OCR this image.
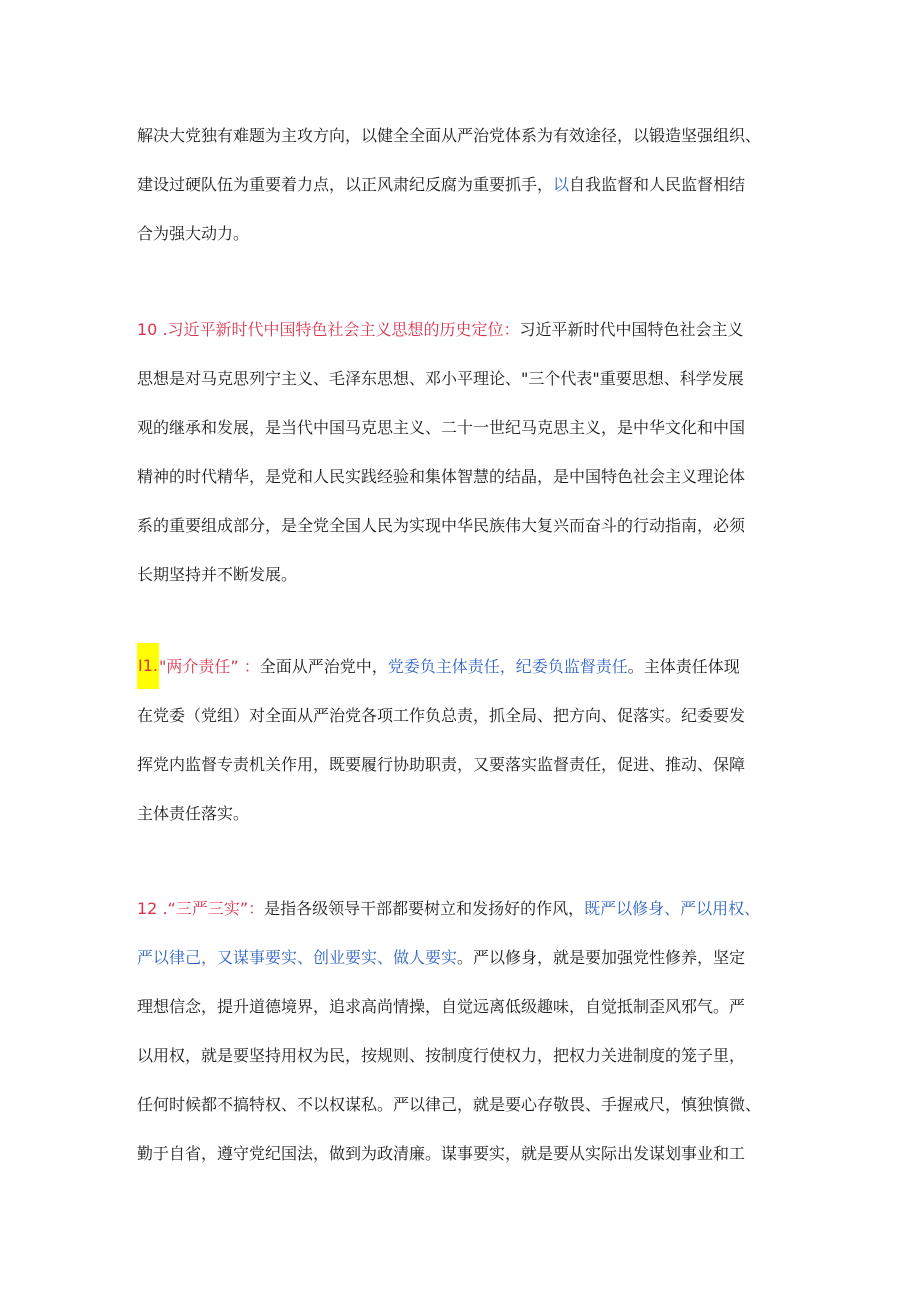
解决大党独有难题为主攻方向，以健全全面从严治党体系为有效途径，以锻造坚强组织、
建设过硬队伍为重要着力点，以正风肃纪反腐为重要抓手，以自我监督和人民监督相结
合为强大动力。
10 .习近平新时代中国特色社会主义思想的历史定位：习近平新时代中国特色社会主义
思想是对马克思列宁主义、毛泽东思想、邓小平理论、"三个代表"重要思想、科学发展
观的继承和发展，是当代中国马克思主义、二十一世纪马克思主义，是中华文化和中国
精神的时代精华，是党和人民实践经验和集体智慧的结晶，是中国特色社会主义理论体
系的重要组成部分，是全党全国人民为实现中华民族伟大复兴而奋斗的行动指南，必须
长期坚持并不断发展。
I1."两介责任” ：全面从严治党中，党委负主体责任，纪委负监督责任。主体责任体现
在党委（党组）对全面从严治党各项工作负总责，抓全局、把方向、促落实。纪委要发
挥党内监督专责机关作用，既要履行协助职责，又要落实监督责任，促进、推动、保障
主体责任落实。
12 .“三严三实”：是指各级领导干部都要树立和发扬好的作风，既严以修身、严以用权、
严以律己，又谋事要实、创业要实、做人要实。严以修身，就是要加强党性修养，坚定
理想信念，提升道德境界，追求高尚情操，自觉远离低级趣味，自觉抵制歪风邪气。严
以用权，就是要坚持用权为民，按规则、按制度行使权力，把权力关进制度的笼子里，
任何时候都不搞特权、不以权谋私。严以律己，就是要心存敬畏、手握戒尺，慎独慎微、
勤于自省，遵守党纪国法，做到为政清廉。谋事要实，就是要从实际出发谋划事业和工
